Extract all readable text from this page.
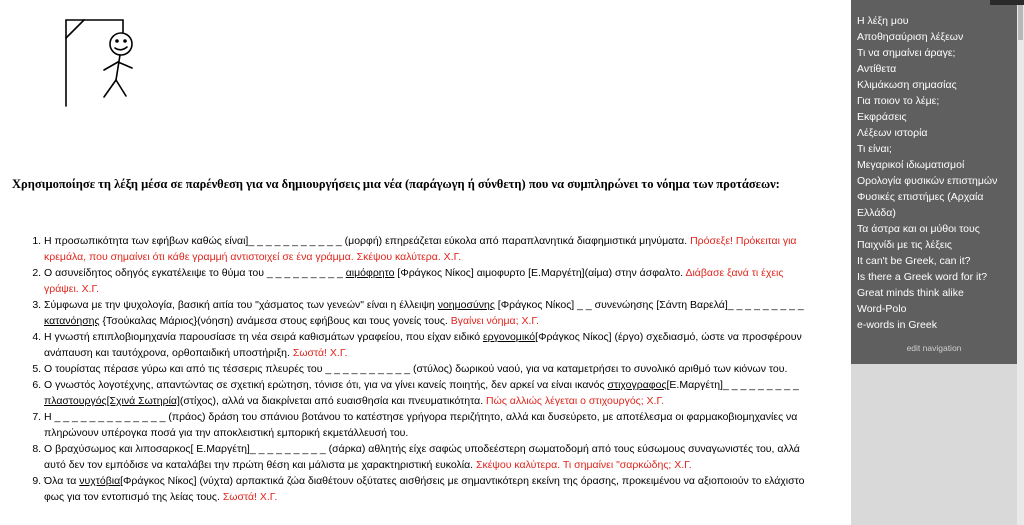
Χρησιμοποίησε τη λέξη μέσα σε παρένθεση για να δημιουργήσεις μια νέα (παράγωγη ή σύνθετη) που να συμπληρώνει το νόημα των προτάσεων:

1. Η προσωπικότητα των εφήβων καθώς είναι]_ _ _ _ _ _ _ _ _ _ _ (μορφή) επηρεάζεται εύκολα από παραπλανητικά διαφημιστικά μηνύματα. Πρόσεξε! Πρόκειται για κρεμάλα, που σημαίνει ότι κάθε γραμμή αντιστοιχεί σε ένα γράμμα. Σκέψου καλύτερα. Χ.Γ.
2. Ο ασυνείδητος οδηγός εγκατέλειψε το θύμα του _ _ _ _ _ _ _ _ _ αιμόφρητο [Φράγκος Νίκος] αιμοφυρτο [Ε.Μαργέτη](αίμα) στην άσφαλτο. Διάβασε ξανά τι έχεις γράψει. Χ.Γ.
3. Σύμφωνα με την ψυχολογία, βασική αιτία του "χάσματος των γενεών" είναι η έλλειψη νοημοσύνης [Φράγκος Νίκος] _ _ συνενώησης [Σάντη Βαρελά]_ _ _ _ _ _ _ _ _ κατανόησης {Τσούκαλας Μάριος}(νόηση) ανάμεσα στους εφήβους και τους γονείς τους. Βγαίνει νόημα; Χ.Γ.
4. Η γνωστή επιπλοβιομηχανία παρουσίασε τη νέα σειρά καθισμάτων γραφείου, που είχαν ειδικό εργονομικό[Φράγκος Νίκος] (έργο) σχεδιασμό, ώστε να προσφέρουν ανάπαυση και ταυτόχρονα, ορθοπαιδική υποστήριξη. Σωστά! Χ.Γ.
5. Ο τουρίστας πέρασε γύρω και από τις τέσσερις πλευρές του _ _ _ _ _ _ _ _ _ _ (στύλος) δωρικού ναού, για να καταμετρήσει το συνολικό αριθμό των κιόνων του.
6. Ο γνωστός λογοτέχνης, απαντώντας σε σχετική ερώτηση, τόνισε ότι, για να γίνει κανείς ποιητής, δεν αρκεί να είναι ικανός στιχογραφος[Ε.Μαργέτη]_ _ _ _ _ _ _ _ _ πλαστουργός[Σχινά Σωτηρία](στίχος), αλλά να διακρίνεται από ευαισθησία και πνευματικότητα. Πώς αλλιώς λέγεται ο στιχουργός; Χ.Γ.
7. Η _ _ _ _ _ _ _ _ _ _ _ _ _ (πράος) δράση του σπάνιου βοτάνου το κατέστησε γρήγορα περιζήτητο, αλλά και δυσεύρετο, με αποτέλεσμα οι φαρμακοβιομηχανίες να πληρώνουν υπέρογκα ποσά για την αποκλειστική εμπορική εκμετάλλευσή του.
8. Ο βραχύσωμος και λιποσαρκος[ Ε.Μαργέτη]_ _ _ _ _ _ _ _ _ (σάρκα) αθλητής είχε σαφώς υποδεέστερη σωματοδομή από τους εύσωμους συναγωνιστές του, αλλά αυτό δεν τον εμπόδισε να καταλάβει την πρώτη θέση και μάλιστα με χαρακτηριστική ευκολία. Σκέψου καλύτερα. Τι σημαίνει "σαρκώδης; Χ.Γ.
9. Όλα τα νυχτόβια[Φράγκος Νίκος] (νύχτα) αρπακτικά ζώα διαθέτουν οξύτατες αισθήσεις με σημαντικότερη εκείνη της όρασης, προκειμένου να αξιοποιούν το ελάχιστο φως για τον εντοπισμό της λείας τους. Σωστά! Χ.Γ.
Η λέξη μου
Αποθησαύριση λέξεων
Τι να σημαίνει άραγε;
Αντίθετα
Κλιμάκωση σημασίας
Για ποιον το λέμε;
Εκφράσεις
Λέξεων ιστορία
Τι είναι;
Μεγαρικοί ιδιωματισμοί
Ορολογία φυσικών επιστημών
Φυσικές επιστήμες (Αρχαία Ελλάδα)
Τα άστρα και οι μύθοι τους
Παιχνίδι με τις λέξεις
It can't be Greek, can it?
Is there a Greek word for it?
Great minds think alike
Word-Polo
e-words in Greek
edit navigation
